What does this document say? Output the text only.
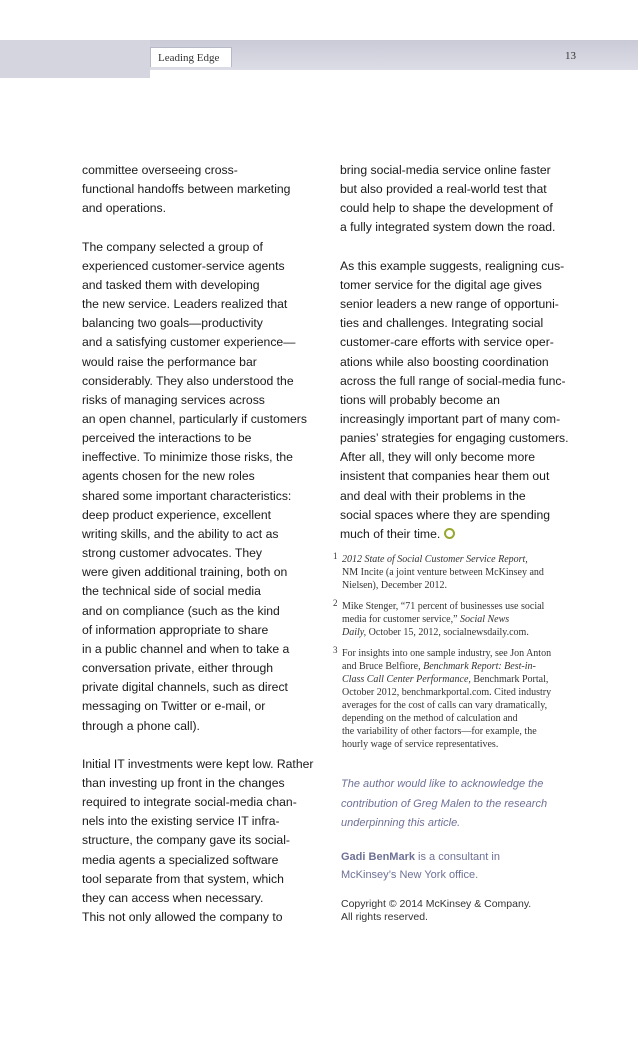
Leading Edge	13
committee overseeing cross-
functional handoffs between marketing
and operations.
The company selected a group of
experienced customer-service agents
and tasked them with developing
the new service. Leaders realized that
balancing two goals—productivity
and a satisfying customer experience—
would raise the performance bar
considerably. They also understood the
risks of managing services across
an open channel, particularly if customers
perceived the interactions to be
ineffective. To minimize those risks, the
agents chosen for the new roles
shared some important characteristics:
deep product experience, excellent
writing skills, and the ability to act as
strong customer advocates. They
were given additional training, both on
the technical side of social media
and on compliance (such as the kind
of information appropriate to share
in a public channel and when to take a
conversation private, either through
private digital channels, such as direct
messaging on Twitter or e-mail, or
through a phone call).
Initial IT investments were kept low. Rather
than investing up front in the changes
required to integrate social-media chan-
nels into the existing service IT infra-
structure, the company gave its social-
media agents a specialized software
tool separate from that system, which
they can access when necessary.
This not only allowed the company to
bring social-media service online faster
but also provided a real-world test that
could help to shape the development of
a fully integrated system down the road.
As this example suggests, realigning cus-
tomer service for the digital age gives
senior leaders a new range of opportuni-
ties and challenges. Integrating social
customer-care efforts with service oper-
ations while also boosting coordination
across the full range of social-media func-
tions will probably become an
increasingly important part of many com-
panies’ strategies for engaging customers.
After all, they will only become more
insistent that companies hear them out
and deal with their problems in the
social spaces where they are spending
much of their time.
1 2012 State of Social Customer Service Report,
NM Incite (a joint venture between McKinsey and
Nielsen), December 2012.
2 Mike Stenger, “71 percent of businesses use social
media for customer service,” Social News
Daily, October 15, 2012, socialnewsdaily.com.
3 For insights into one sample industry, see Jon Anton
and Bruce Belfiore, Benchmark Report: Best-in-
Class Call Center Performance, Benchmark Portal,
October 2012, benchmarkportal.com. Cited industry
averages for the cost of calls can vary dramatically,
depending on the method of calculation and
the variability of other factors—for example, the
hourly wage of service representatives.
The author would like to acknowledge the
contribution of Greg Malen to the research
underpinning this article.
Gadi BenMark is a consultant in
McKinsey’s New York office.
Copyright © 2014 McKinsey & Company.
All rights reserved.
